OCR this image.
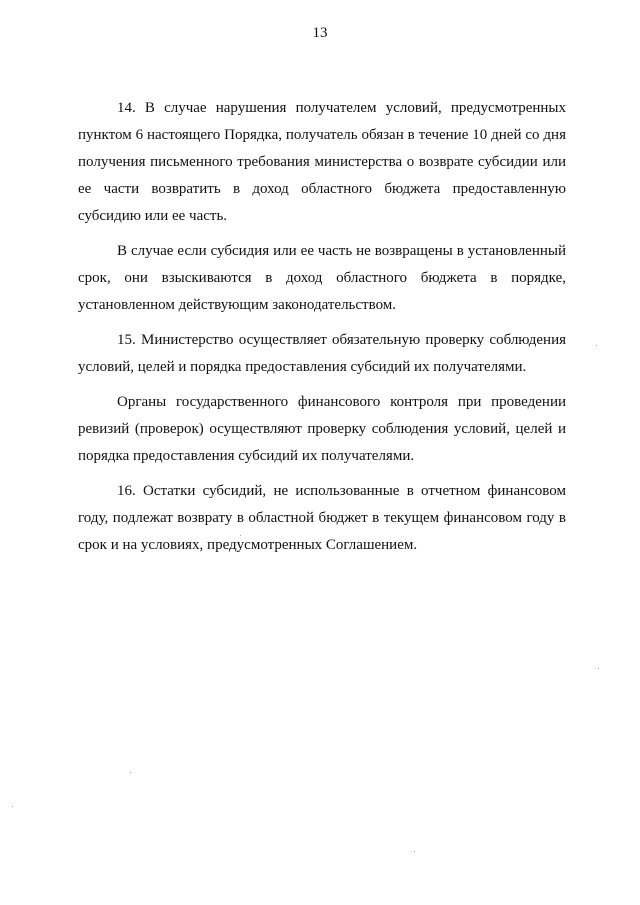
13

14. В случае нарушения получателем условий, предусмотренных пунктом 6 настоящего Порядка, получатель обязан в течение 10 дней со дня получения письменного требования министерства о возврате субсидии или ее части возвратить в доход областного бюджета предоставленную субсидию или ее часть.

В случае если субсидия или ее часть не возвращены в установленный срок, они взыскиваются в доход областного бюджета в порядке, установленном действующим законодательством.

15. Министерство осуществляет обязательную проверку соблюдения условий, целей и порядка предоставления субсидий их получателями.

Органы государственного финансового контроля при проведении ревизий (проверок) осуществляют проверку соблюдения условий, целей и порядка предоставления субсидий их получателями.

16. Остатки субсидий, не использованные в отчетном финансовом году, подлежат возврату в областной бюджет в текущем финансовом году в срок и на условиях, предусмотренных Соглашением.
